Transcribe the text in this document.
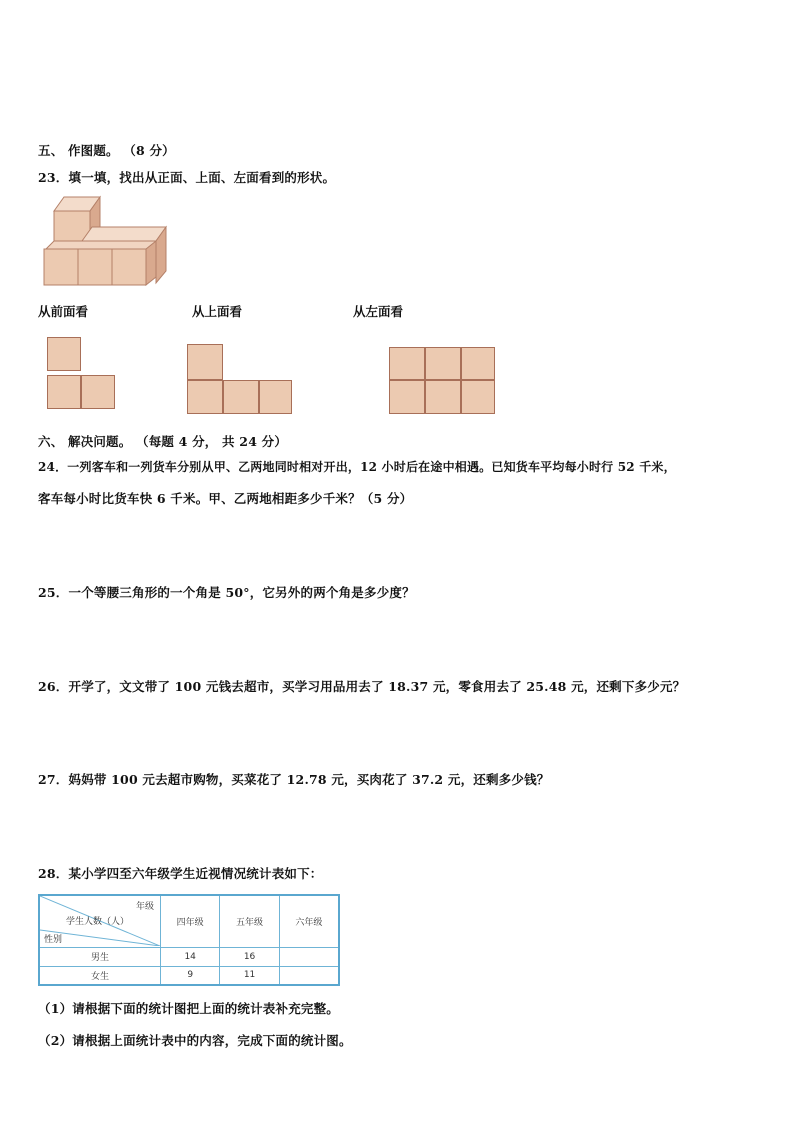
五、 作图题。 （8 分）
23．填一填，找出从正面、上面、左面看到的形状。
从前面看	从上面看	从左面看
六、 解决问题。 （每题 4 分， 共 24 分）
24．一列客车和一列货车分别从甲、乙两地同时相对开出，12 小时后在途中相遇。已知货车平均每小时行 52 千米，
客车每小时比货车快 6 千米。甲、乙两地相距多少千米？（5 分）
25．一个等腰三角形的一个角是 50°，它另外的两个角是多少度？
26．开学了，文文带了 100 元钱去超市，买学习用品用去了 18.37 元，零食用去了 25.48 元，还剩下多少元？
27．妈妈带 100 元去超市购物，买菜花了 12.78 元，买肉花了 37.2 元，还剩多少钱？
28．某小学四至六年级学生近视情况统计表如下：
年级
学生人数（人）
性别	四年级	五年级	六年级
男生	14	16	
女生	9	11	
（1）请根据下面的统计图把上面的统计表补充完整。
（2）请根据上面统计表中的内容，完成下面的统计图。
